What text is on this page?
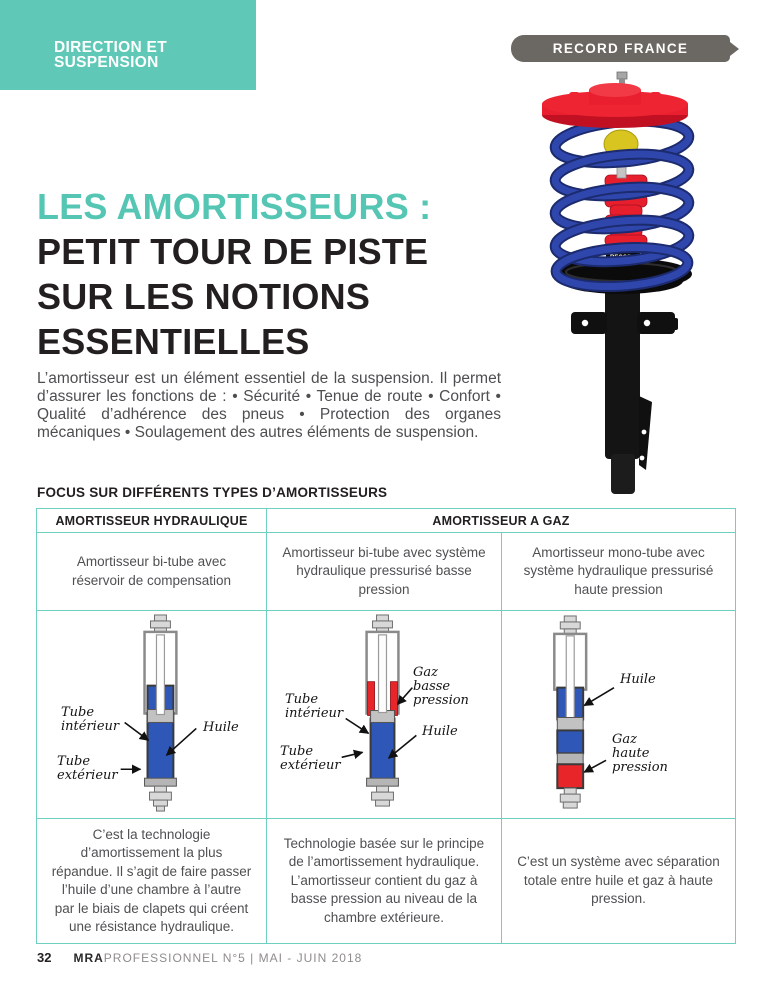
DIRECTION ET
SUSPENSION
RECORD FRANCE
RECORD
LES AMORTISSEURS :
PETIT TOUR DE PISTE
SUR LES NOTIONS
ESSENTIELLES
L’amortisseur est un élément essentiel de la suspension. Il permet d’assurer les fonctions de : • Sécurité • Tenue de route • Confort • Qualité d’adhérence des pneus • Protection des organes mécaniques • Soulagement des autres éléments de suspension.
FOCUS SUR DIFFÉRENTS TYPES D’AMORTISSEURS
AMORTISSEUR HYDRAULIQUE	AMORTISSEUR A GAZ
Amortisseur bi-tube avec réservoir de compensation
Amortisseur bi-tube avec système hydraulique pressurisé basse pression
Amortisseur mono-tube avec système hydraulique pressurisé haute pression
Tube intérieur	Huile
Tube extérieur
Gaz basse pression
Tube intérieur
Huile
Tube extérieur
Huile
Gaz haute pression
C’est la technologie d’amortissement la plus répandue. Il s’agit de faire passer l’huile d’une chambre à l’autre par le biais de clapets qui créent une résistance hydraulique.
Technologie basée sur le principe de l’amortissement hydraulique. L’amortisseur contient du gaz à basse pression au niveau de la chambre extérieure.
C’est un système avec séparation totale entre huile et gaz à haute pression.
32 MRAPROFESSIONNEL N°5 | MAI - JUIN 2018
